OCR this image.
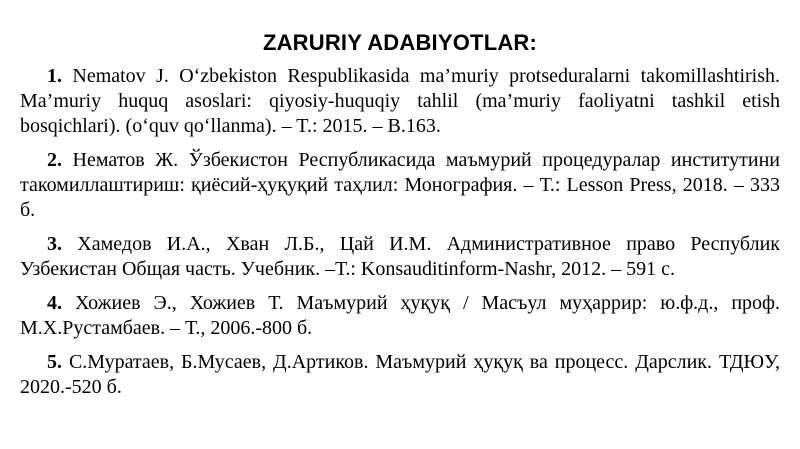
ZARURIY ADABIYOTLAR:
1. Nematov J. O‘zbekiston Respublikasida ma’muriy protseduralarni takomillashtirish. Ma’muriy huquq asoslari: qiyosiy-huquqiy tahlil (ma’muriy faoliyatni tashkil etish bosqichlari). (o‘quv qo‘llanma). – T.: 2015. – B.163.
2. Нематов Ж. Ўзбекистон Республикасида маъмурий процедуралар институтини такомиллаштириш: қиёсий-ҳуқуқий таҳлил: Монография. – Т.: Lesson Press, 2018. – 333 б.
3. Хамедов И.А., Хван Л.Б., Цай И.М. Административное право Республик Узбекистан Общая часть. Учебник. –Т.: Konsauditinform-Nashr, 2012. – 591 с.
4. Хожиев Э., Хожиев Т. Маъмурий ҳуқуқ / Масъул муҳаррир: ю.ф.д., проф. М.Х.Рустамбаев. – Т., 2006.-800 б.
5. С.Муратаев, Б.Мусаев, Д.Артиков. Маъмурий ҳуқуқ ва процесс. Дарслик. ТДЮУ, 2020.-520 б.
